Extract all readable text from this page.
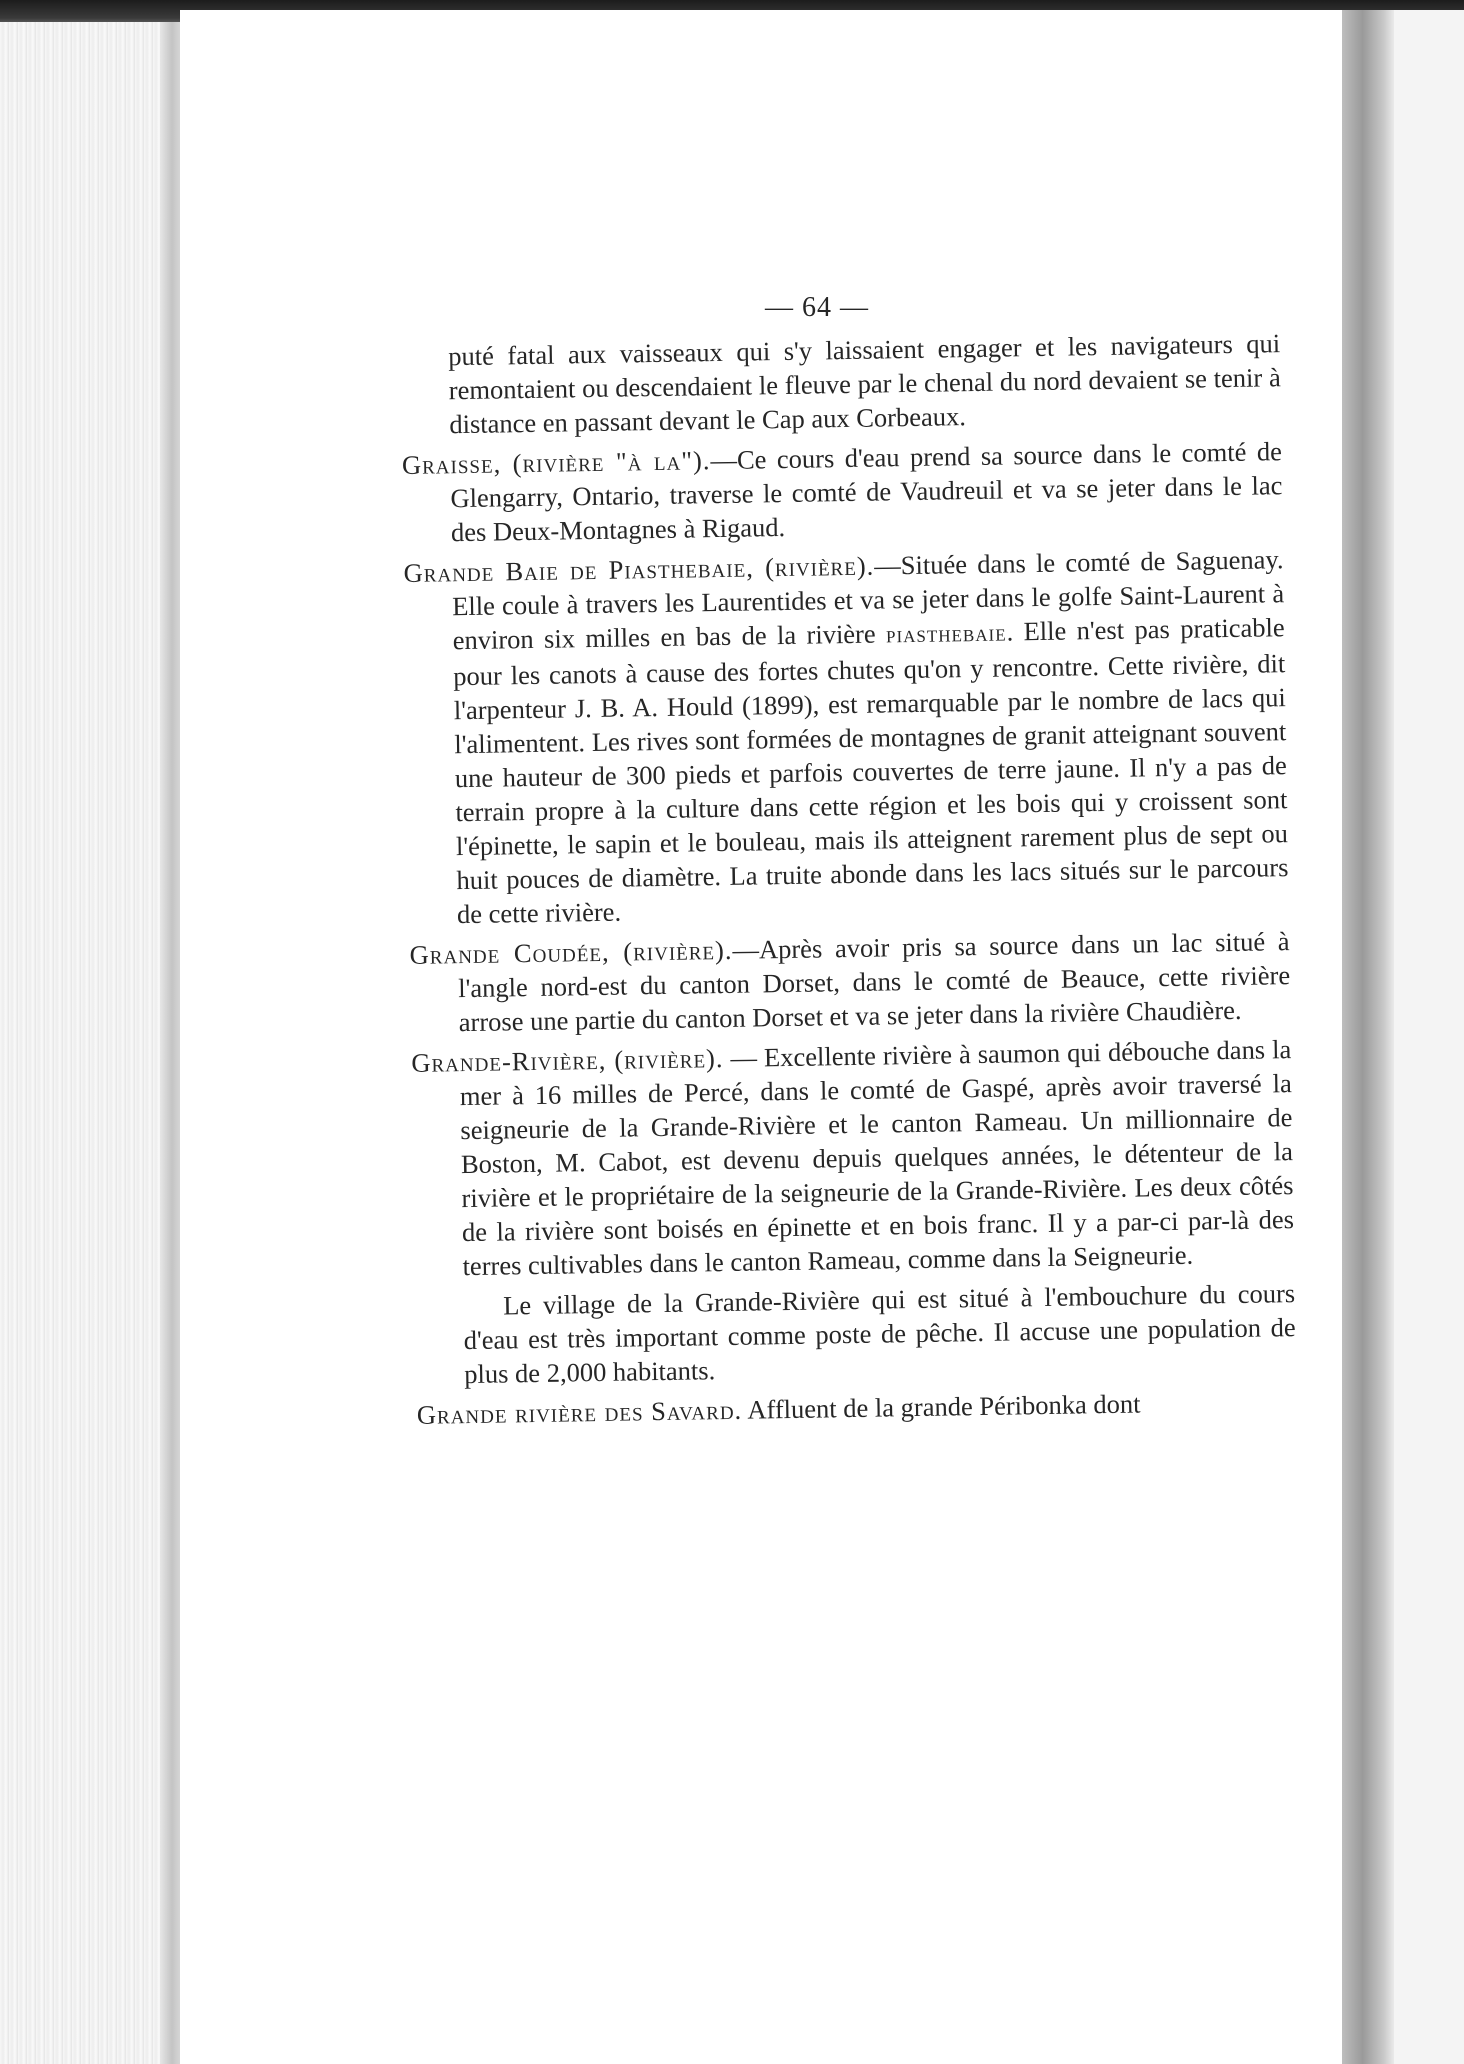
— 64 —

puté fatal aux vaisseaux qui s'y laissaient engager et les navigateurs qui remontaient ou descendaient le fleuve par le chenal du nord devaient se tenir à distance en passant devant le Cap aux Corbeaux.

Graisse, (rivière "à la").—Ce cours d'eau prend sa source dans le comté de Glengarry, Ontario, traverse le comté de Vaudreuil et va se jeter dans le lac des Deux-Montagnes à Rigaud.

Grande Baie de Piasthebaie, (rivière).—Située dans le comté de Saguenay. Elle coule à travers les Laurentides et va se jeter dans le golfe Saint-Laurent à environ six milles en bas de la rivière piasthebaie. Elle n'est pas praticable pour les canots à cause des fortes chutes qu'on y rencontre. Cette rivière, dit l'arpenteur J. B. A. Hould (1899), est remarquable par le nombre de lacs qui l'alimentent. Les rives sont formées de montagnes de granit atteignant souvent une hauteur de 300 pieds et parfois couvertes de terre jaune. Il n'y a pas de terrain propre à la culture dans cette région et les bois qui y croissent sont l'épinette, le sapin et le bouleau, mais ils atteignent rarement plus de sept ou huit pouces de diamètre. La truite abonde dans les lacs situés sur le parcours de cette rivière.

Grande Coudée, (rivière).—Après avoir pris sa source dans un lac situé à l'angle nord-est du canton Dorset, dans le comté de Beauce, cette rivière arrose une partie du canton Dorset et va se jeter dans la rivière Chaudière.

Grande-Rivière, (rivière). — Excellente rivière à saumon qui débouche dans la mer à 16 milles de Percé, dans le comté de Gaspé, après avoir traversé la seigneurie de la Grande-Rivière et le canton Rameau. Un millionnaire de Boston, M. Cabot, est devenu depuis quelques années, le détenteur de la rivière et le propriétaire de la seigneurie de la Grande-Rivière. Les deux côtés de la rivière sont boisés en épinette et en bois franc. Il y a par-ci par-là des terres cultivables dans le canton Rameau, comme dans la Seigneurie.

Le village de la Grande-Rivière qui est situé à l'embouchure du cours d'eau est très important comme poste de pêche. Il accuse une population de plus de 2,000 habitants.

Grande rivière des Savard. Affluent de la grande Péribonka dont
